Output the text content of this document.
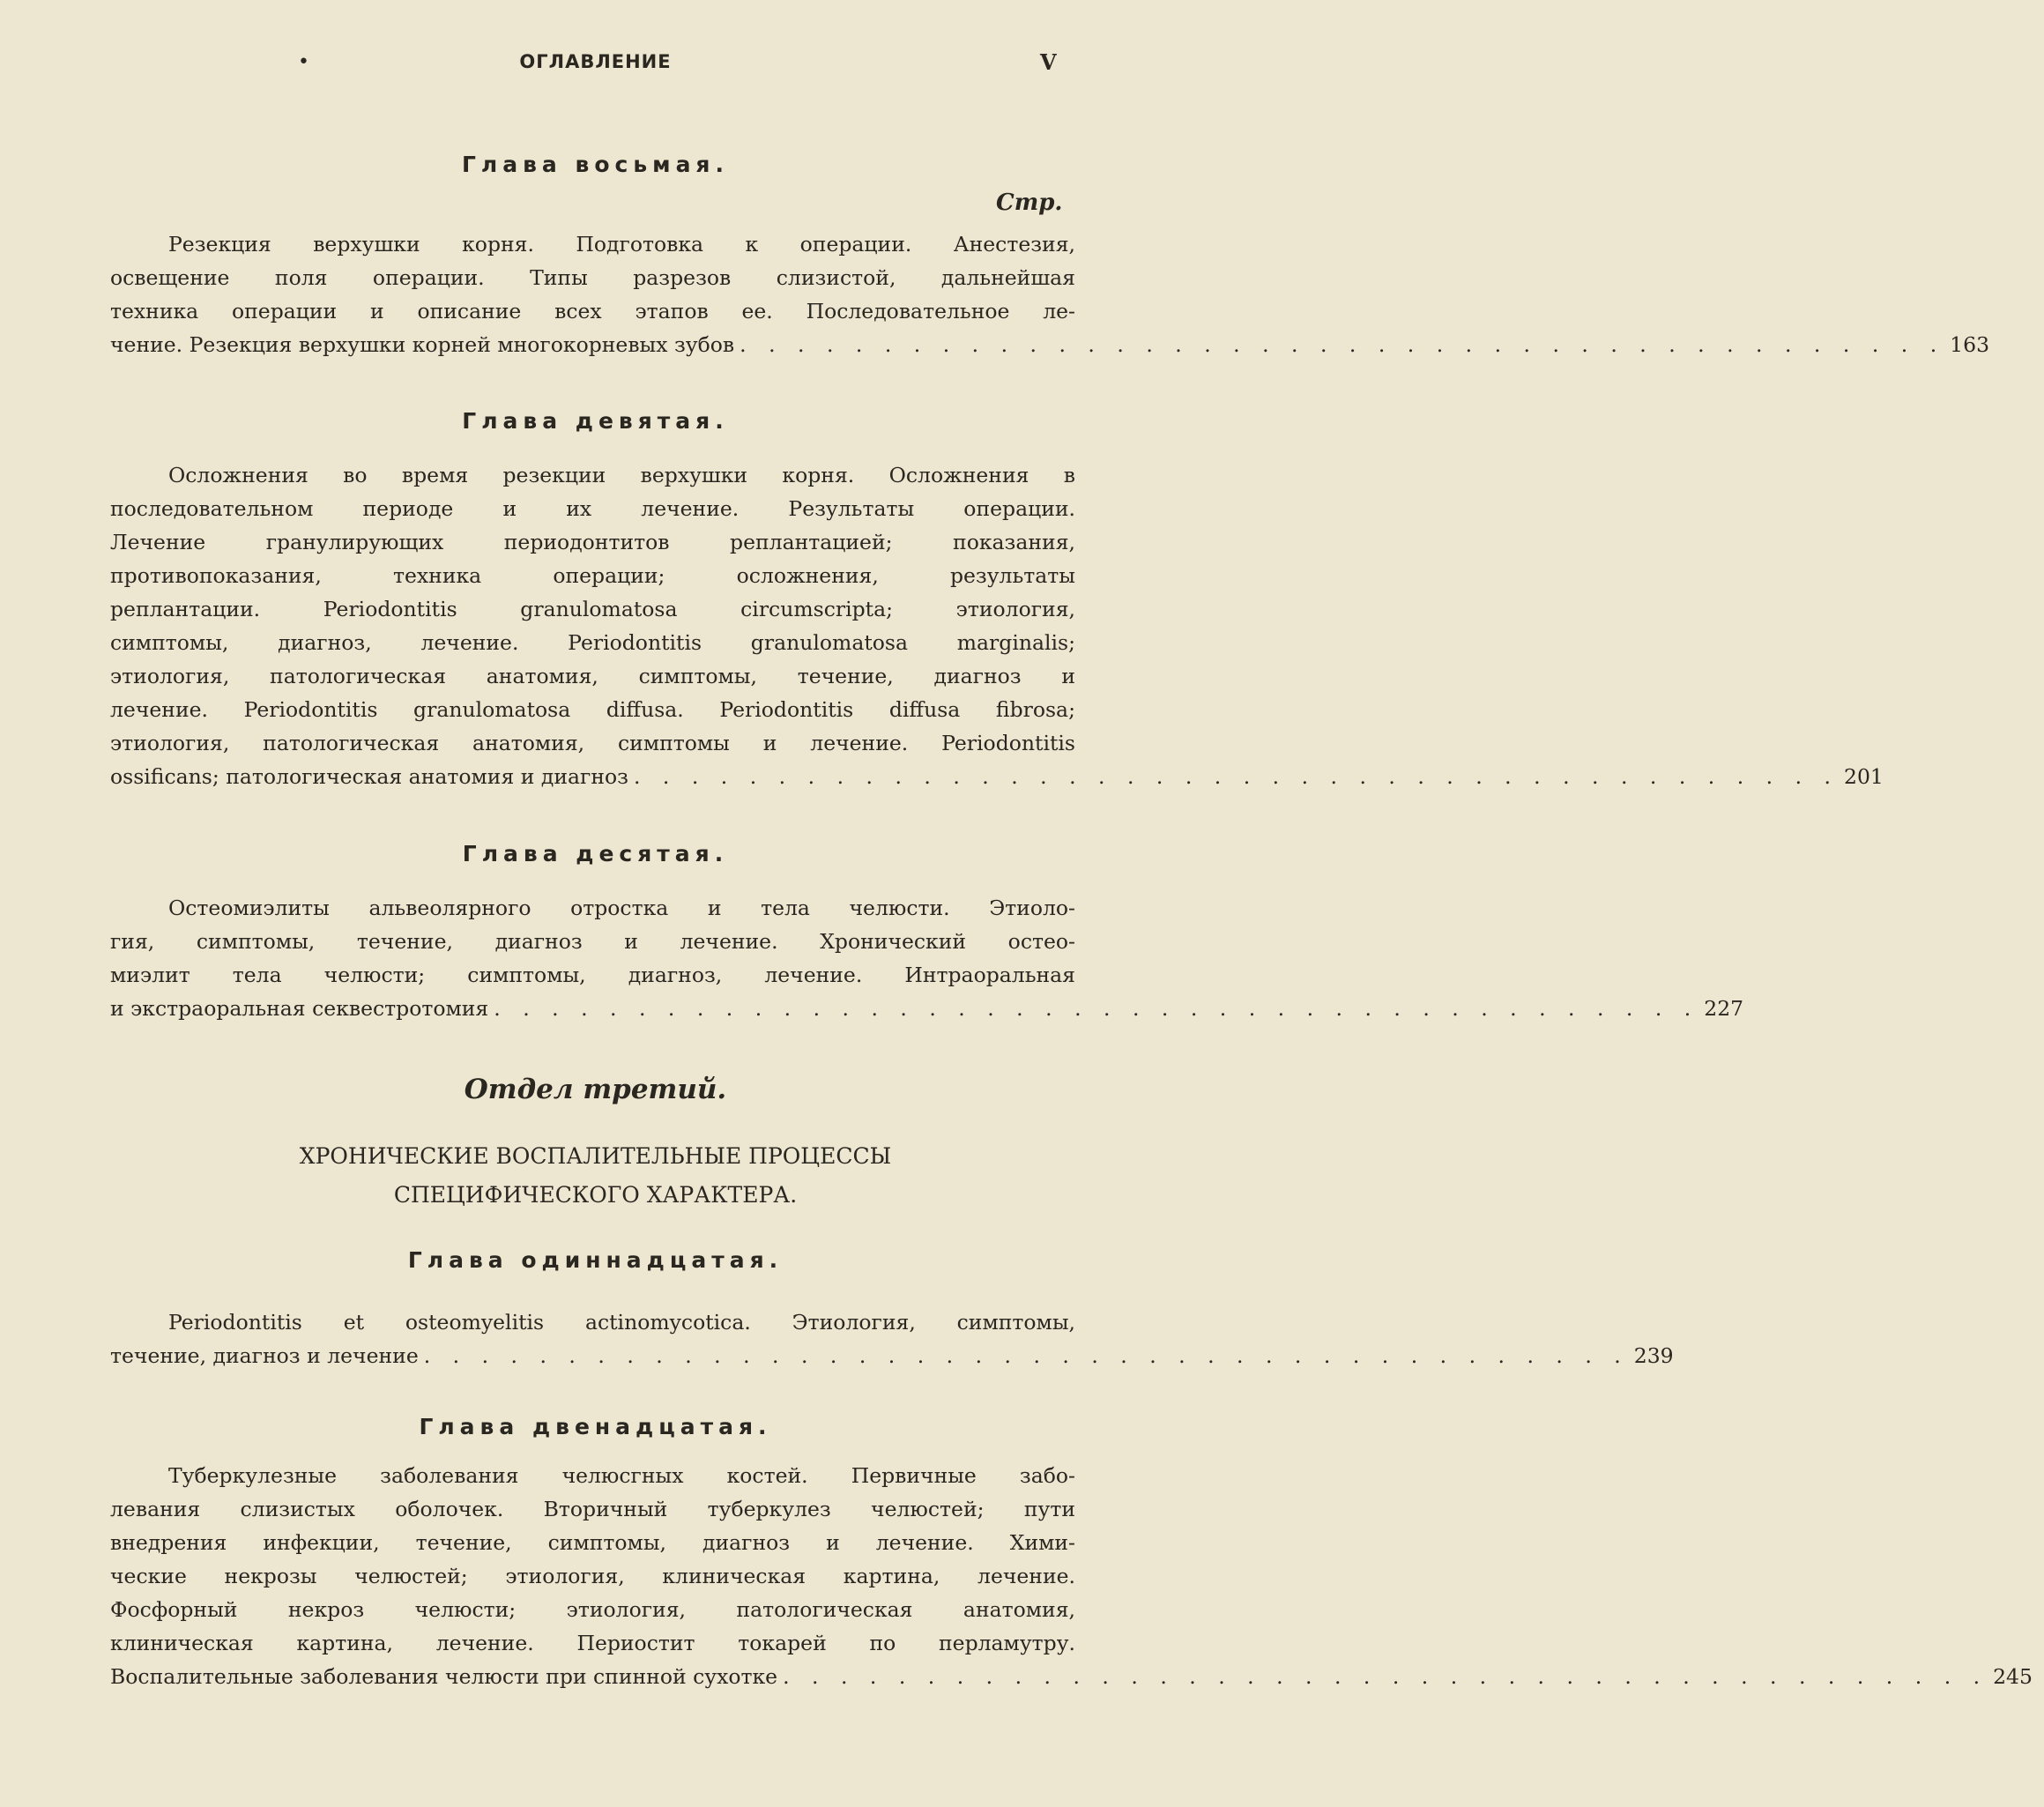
•	ОГЛАВЛЕНИЕ	V
Глава восьмая.
Стр.
Резекция верхушки корня. Подготовка к операции. Анестезия,
освещение поля операции. Типы разрезов слизистой, дальнейшая
техника операции и описание всех этапов ее. Последовательное ле-
чение. Резекция верхушки корней многокорневых зубов . . . . . . . . . . . . . . . . . . . . . . . . . . . . . . . . . . . . . . . . . . 163
Глава девятая.
Осложнения во время резекции верхушки корня. Осложнения в
последовательном периоде и их лечение. Результаты операции.
Лечение гранулирующих периодонтитов реплантацией; показания,
противопоказания, техника операции; осложнения, результаты
реплантации. Periodontitis granulomatosa circumscripta; этиология,
симптомы, диагноз, лечение. Periodontitis granulomatosa marginalis;
этиология, патологическая анатомия, симптомы, течение, диагноз и
лечение. Periodontitis granulomatosa diffusa. Periodontitis diffusa fibrosa;
этиология, патологическая анатомия, симптомы и лечение. Periodontitis
ossificans; патологическая анатомия и диагноз . . . . . . . . . . . . . . . . . . . . . . . . . . . . . . . . . . . . . . . . . . 201
Глава десятая.
Остеомиэлиты альвеолярного отростка и тела челюсти. Этиоло-
гия, симптомы, течение, диагноз и лечение. Хронический остео-
миэлит тела челюсти; симптомы, диагноз, лечение. Интраоральная
и экстраоральная секвестротомия . . . . . . . . . . . . . . . . . . . . . . . . . . . . . . . . . . . . . . . . . . 227
Отдел третий.
ХРОНИЧЕСКИЕ ВОСПАЛИТЕЛЬНЫЕ ПРОЦЕССЫ
СПЕЦИФИЧЕСКОГО ХАРАКТЕРА.
Глава одиннадцатая.
Periodontitis et osteomyelitis actinomycotica. Этиология, симптомы,
течение, диагноз и лечение . . . . . . . . . . . . . . . . . . . . . . . . . . . . . . . . . . . . . . . . . . 239
Глава двенадцатая.
Туберкулезные заболевания челюсгных костей. Первичные забо-
левания слизистых оболочек. Вторичный туберкулез челюстей; пути
внедрения инфекции, течение, симптомы, диагноз и лечение. Хими-
ческие некрозы челюстей; этиология, клиническая картина, лечение.
Фосфорный некроз челюсти; этиология, патологическая анатомия,
клиническая картина, лечение. Периостит токарей по перламутру.
Воспалительные заболевания челюсти при спинной сухотке . . . . . . . . . . . . . . . . . . . . . . . . . . . . . . . . . . . . . . . . . . 245
